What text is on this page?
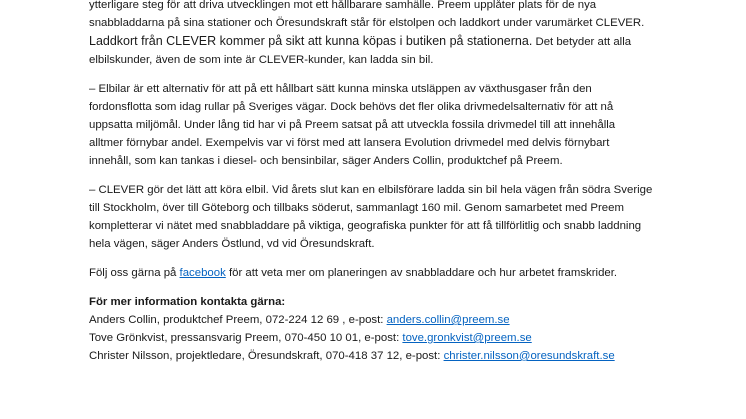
ytterligare steg för att driva utvecklingen mot ett hållbarare samhälle. Preem upplåter plats för de nya
snabbladdarna på sina stationer och Öresundskraft står för elstolpen och laddkort under varumärket CLEVER.
Laddkort från CLEVER kommer på sikt att kunna köpas i butiken på stationerna. Det betyder att alla
elbilskunder, även de som inte är CLEVER-kunder, kan ladda sin bil.

– Elbilar är ett alternativ för att på ett hållbart sätt kunna minska utsläppen av växthusgaser från den
fordonsflotta som idag rullar på Sveriges vägar. Dock behövs det fler olika drivmedelsalternativ för att nå
uppsatta miljömål. Under lång tid har vi på Preem satsat på att utveckla fossila drivmedel till att innehålla
alltmer förnybar andel. Exempelvis var vi först med att lansera Evolution drivmedel med delvis förnybart
innehåll, som kan tankas i diesel- och bensinbilar, säger Anders Collin, produktchef på Preem.

– CLEVER gör det lätt att köra elbil. Vid årets slut kan en elbilsförare ladda sin bil hela vägen från södra Sverige
till Stockholm, över till Göteborg och tillbaks söderut, sammanlagt 160 mil. Genom samarbetet med Preem
kompletterar vi nätet med snabbladdare på viktiga, geografiska punkter för att få tillförlitlig och snabb laddning
hela vägen, säger Anders Östlund, vd vid Öresundskraft.

Följ oss gärna på facebook för att veta mer om planeringen av snabbladdare och hur arbetet framskrider.

För mer information kontakta gärna:
Anders Collin, produktchef Preem, 072-224 12 69 , e-post: anders.collin@preem.se
Tove Grönkvist, pressansvarig Preem, 070-450 10 01, e-post: tove.gronkvist@preem.se
Christer Nilsson, projektledare, Öresundskraft, 070-418 37 12, e-post: christer.nilsson@oresundskraft.se
